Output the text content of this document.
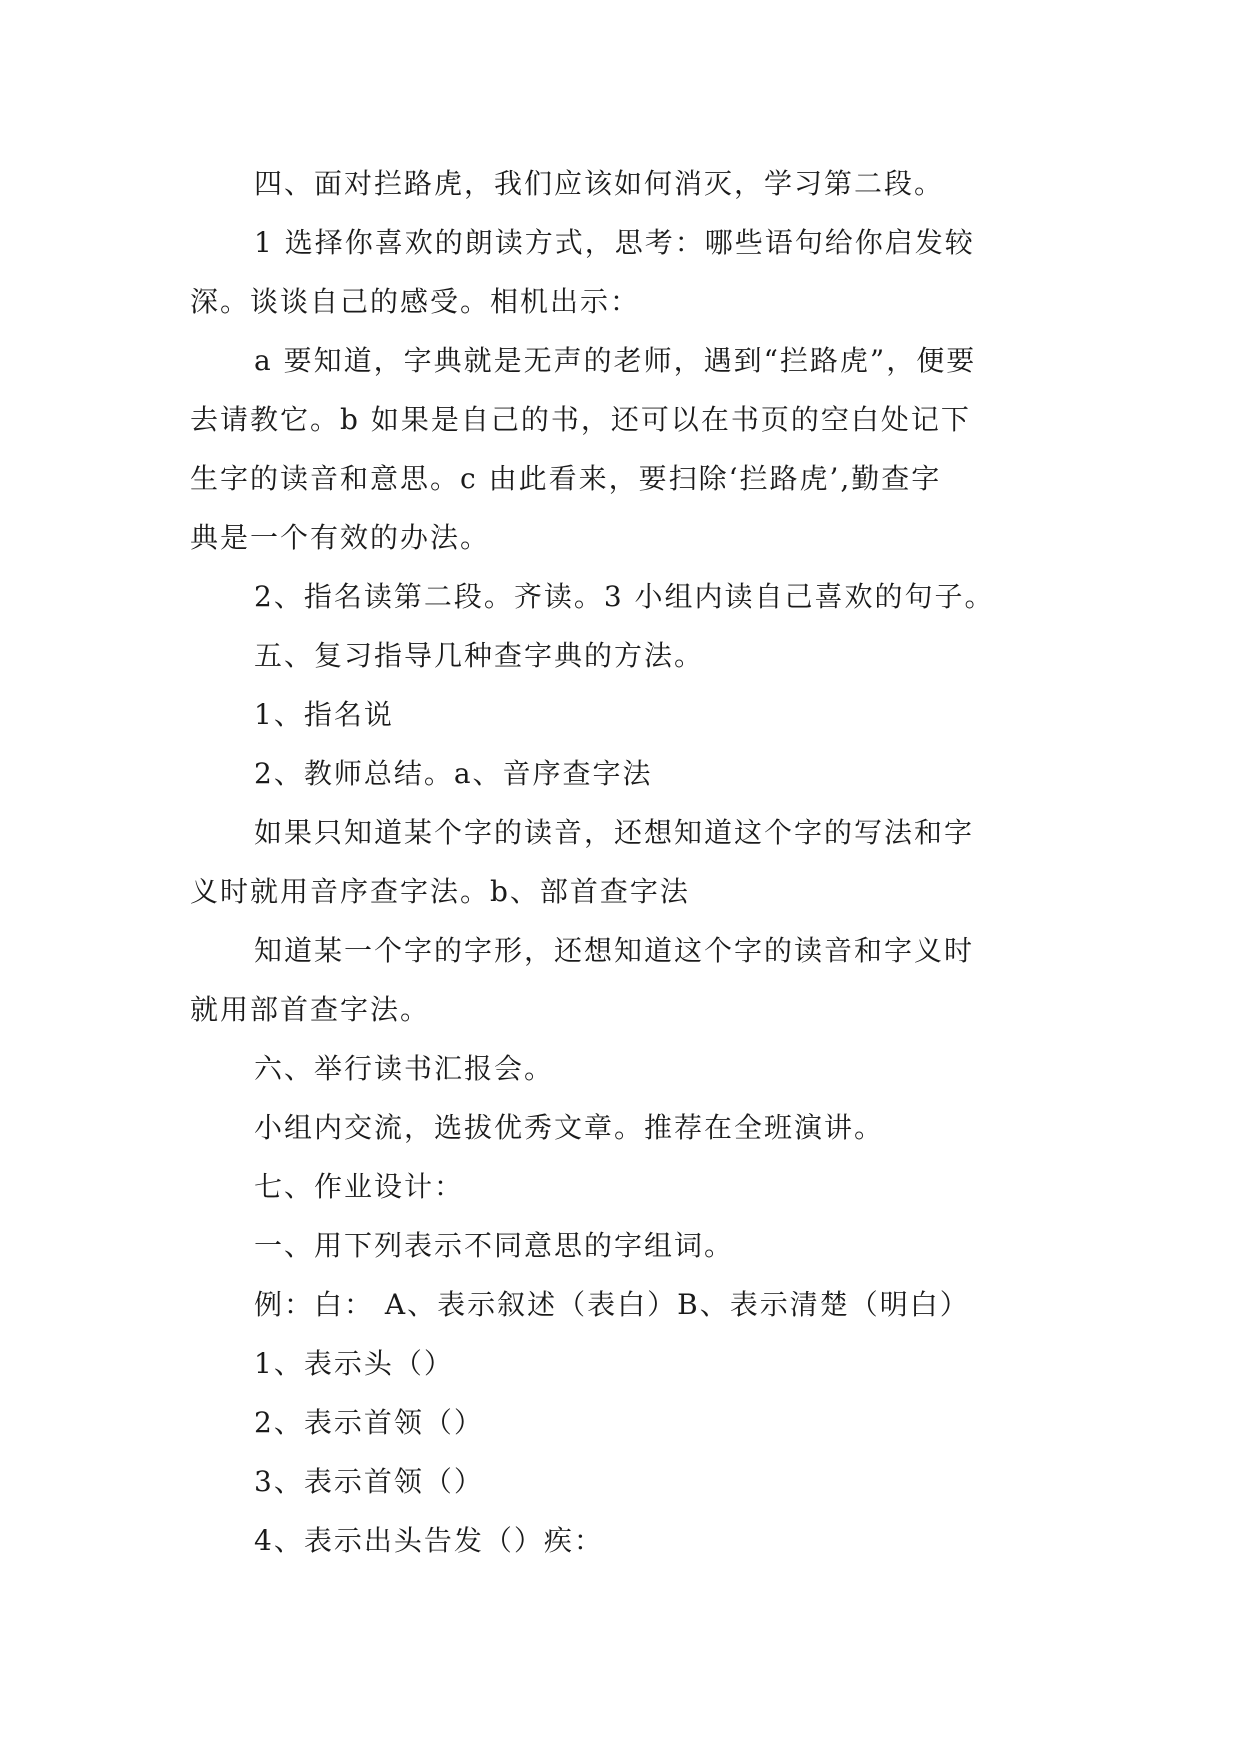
四、面对拦路虎，我们应该如何消灭，学习第二段。
1 选择你喜欢的朗读方式，思考：哪些语句给你启发较
深。谈谈自己的感受。相机出示：
a 要知道，字典就是无声的老师，遇到“拦路虎”，便要
去请教它。b 如果是自己的书，还可以在书页的空白处记下
生字的读音和意思。c 由此看来，要扫除‘拦路虎’,勤查字
典是一个有效的办法。
2、指名读第二段。齐读。3 小组内读自己喜欢的句子。
五、复习指导几种查字典的方法。
1、指名说
2、教师总结。a、音序查字法
如果只知道某个字的读音，还想知道这个字的写法和字
义时就用音序查字法。b、部首查字法
知道某一个字的字形，还想知道这个字的读音和字义时
就用部首查字法。
六、举行读书汇报会。
小组内交流，选拔优秀文章。推荐在全班演讲。
七、作业设计：
一、用下列表示不同意思的字组词。
例：白： A、表示叙述（表白）B、表示清楚（明白）
1、表示头（）
2、表示首领（）
3、表示首领（）
4、表示出头告发（）疾：
